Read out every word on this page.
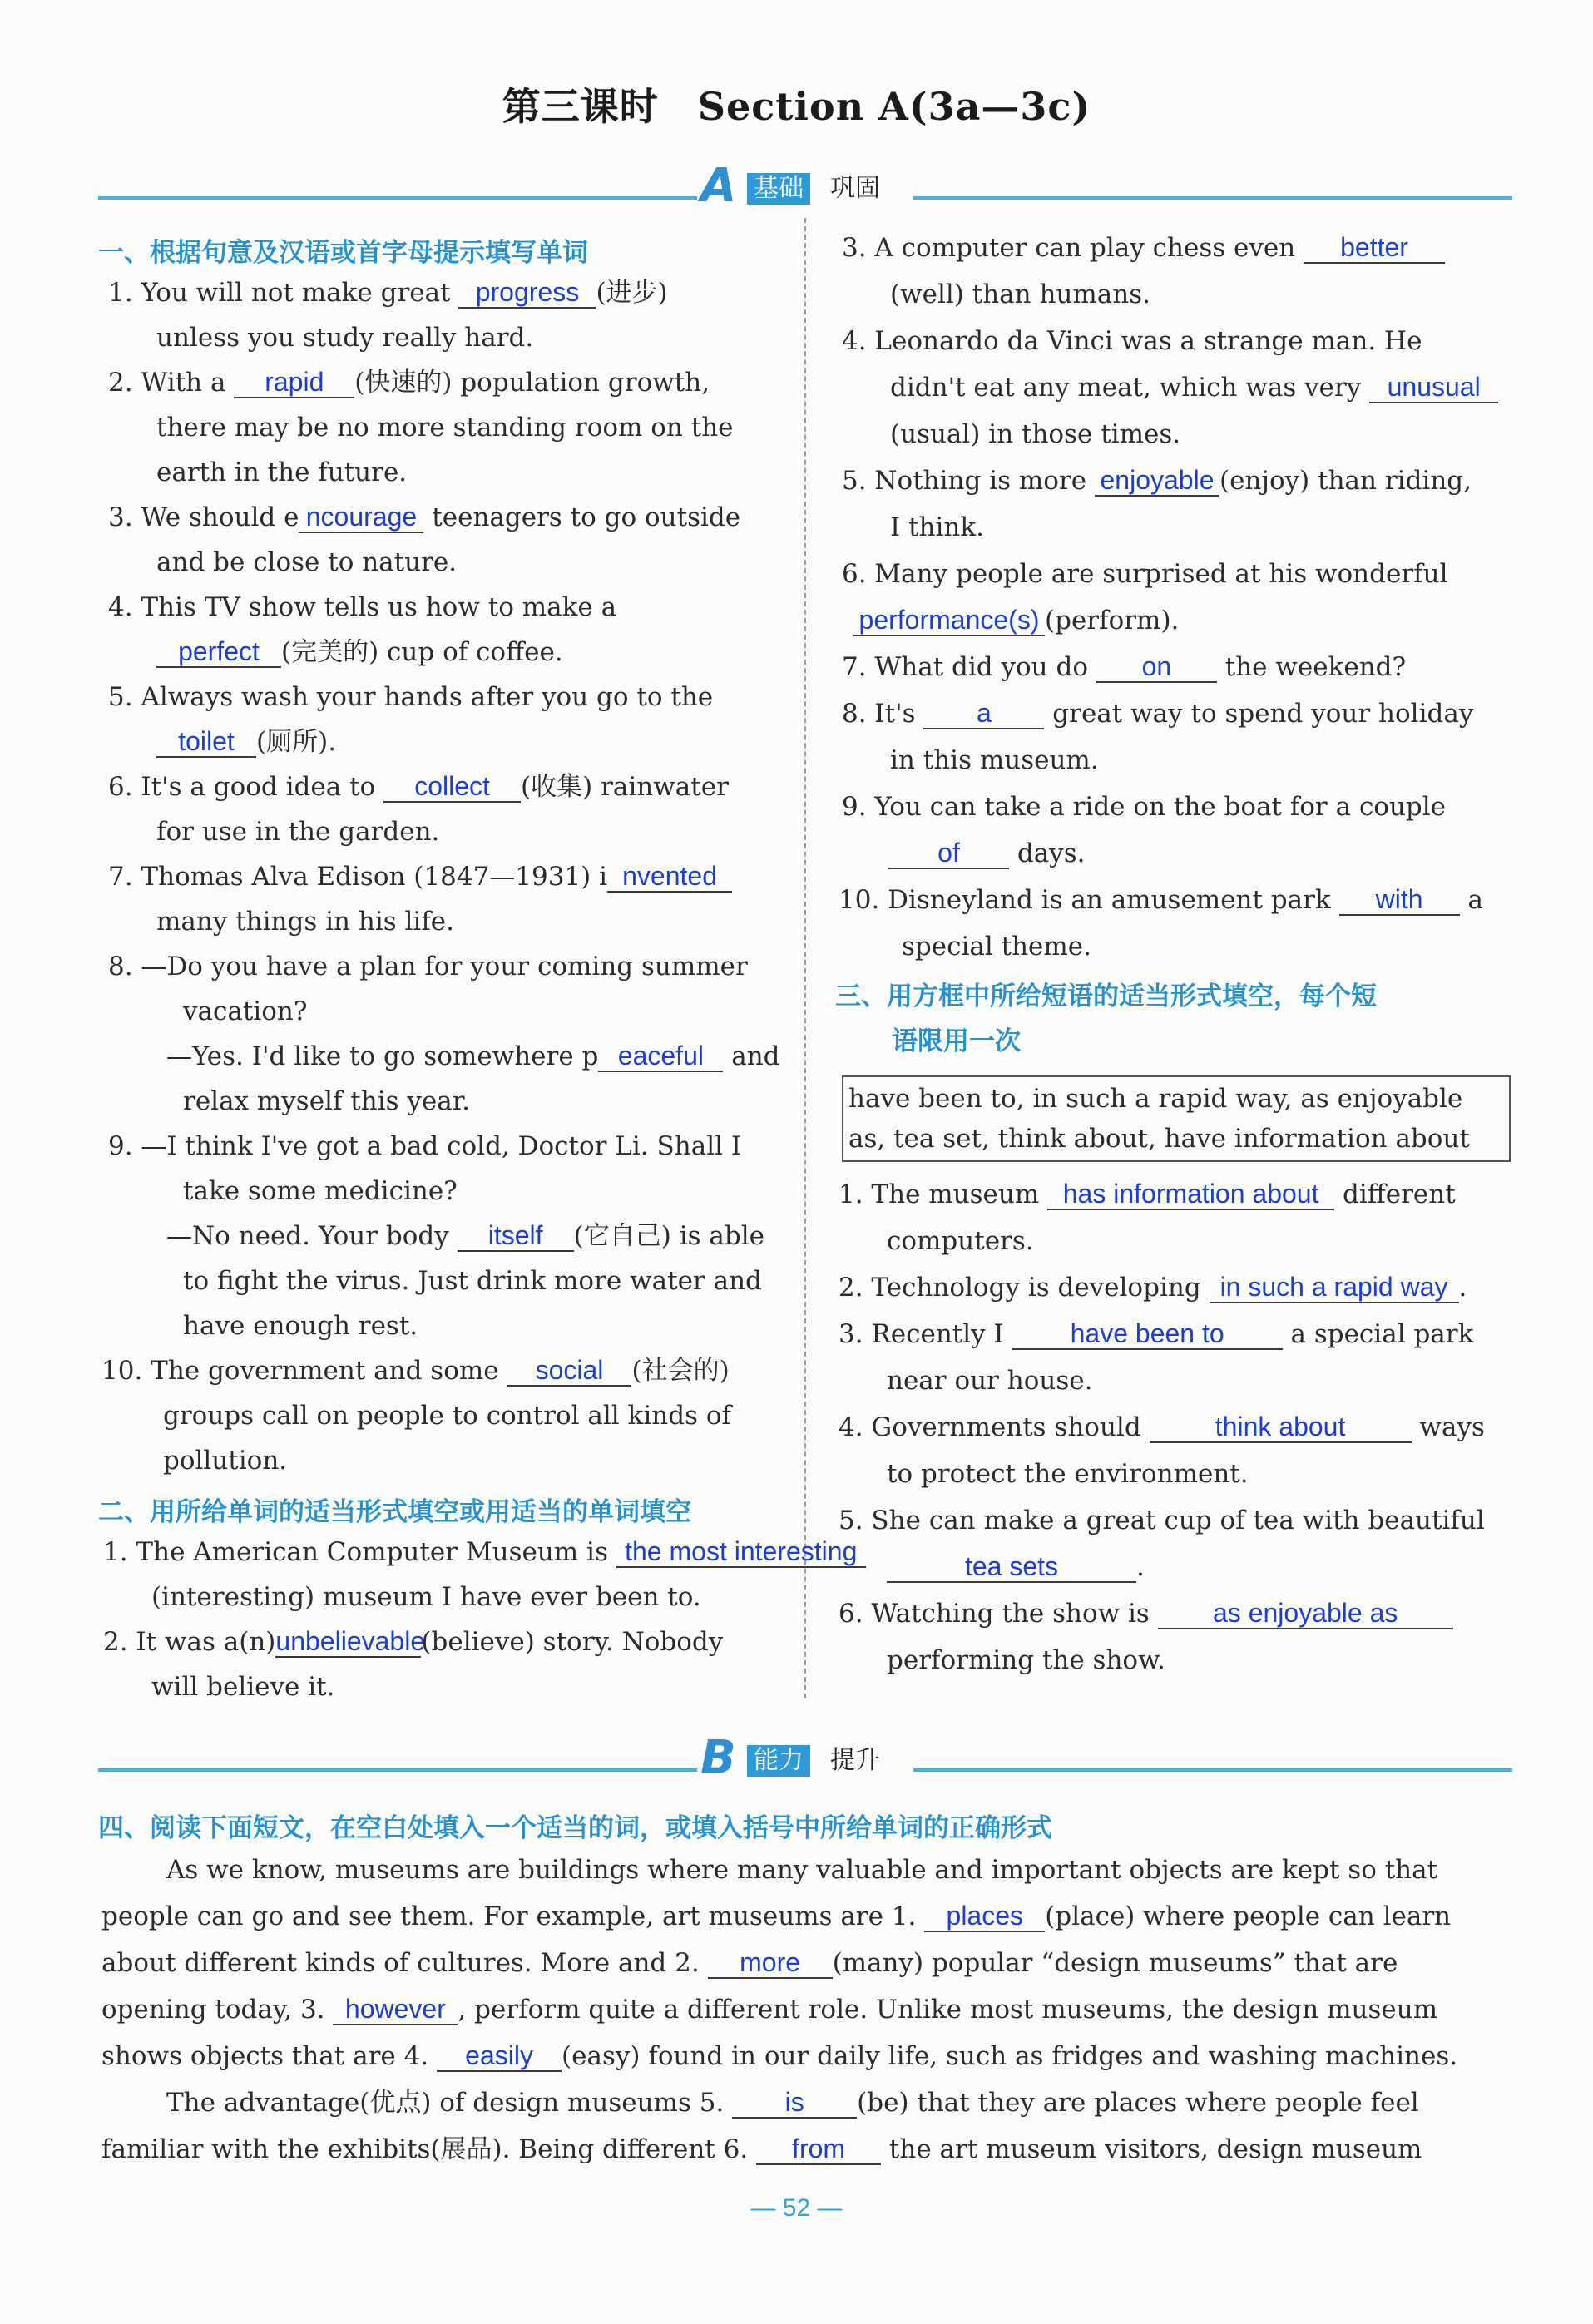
第三课时　Section A(3a—3c)
A 基础 巩固
一、根据句意及汉语或首字母提示填写单词
1. You will not make great progress (进步)
unless you study really hard.
2. With a rapid (快速的) population growth,
there may be no more standing room on the
earth in the future.
3. We should e ncourage teenagers to go outside
and be close to nature.
4. This TV show tells us how to make a
perfect (完美的) cup of coffee.
5. Always wash your hands after you go to the
toilet (厕所).
6. It's a good idea to collect (收集) rainwater
for use in the garden.
7. Thomas Alva Edison (1847—1931) i nvented
many things in his life.
8. —Do you have a plan for your coming summer
vacation?
—Yes. I'd like to go somewhere p eaceful and
relax myself this year.
9. —I think I've got a bad cold, Doctor Li. Shall I
take some medicine?
—No need. Your body itself (它自己) is able
to fight the virus. Just drink more water and
have enough rest.
10. The government and some social (社会的)
groups call on people to control all kinds of
pollution.
二、用所给单词的适当形式填空或用适当的单词填空
1. The American Computer Museum is the most interesting
(interesting) museum I have ever been to.
2. It was a(n)unbelievable(believe) story. Nobody
will believe it.
3. A computer can play chess even better
(well) than humans.
4. Leonardo da Vinci was a strange man. He
didn't eat any meat, which was very unusual
(usual) in those times.
5. Nothing is more enjoyable (enjoy) than riding,
I think.
6. Many people are surprised at his wonderful
performance(s) (perform).
7. What did you do on the weekend?
8. It's a great way to spend your holiday
in this museum.
9. You can take a ride on the boat for a couple
of days.
10. Disneyland is an amusement park with a
special theme.
三、用方框中所给短语的适当形式填空，每个短
语限用一次
have been to, in such a rapid way, as enjoyable
as, tea set, think about, have information about
1. The museum has information about different
computers.
2. Technology is developing in such a rapid way .
3. Recently I have been to	a special park
near our house.
4. Governments should	think about	ways
to protect the environment.
5. She can make a great cup of tea with beautiful
tea sets	.
6. Watching the show is as enjoyable as
performing the show.
B 能力 提升
四、阅读下面短文，在空白处填入一个适当的词，或填入括号中所给单词的正确形式
As we know, museums are buildings where many valuable and important objects are kept so that
people can go and see them. For example, art museums are 1. places (place) where people can learn
about different kinds of cultures. More and 2. more (many) popular “design museums” that are
opening today, 3. however , perform quite a different role. Unlike most museums, the design museum
shows objects that are 4. easily (easy) found in our daily life, such as fridges and washing machines.
The advantage(优点) of design museums 5. is (be) that they are places where people feel
familiar with the exhibits(展品). Being different 6. from the art museum visitors, design museum
— 52 —
